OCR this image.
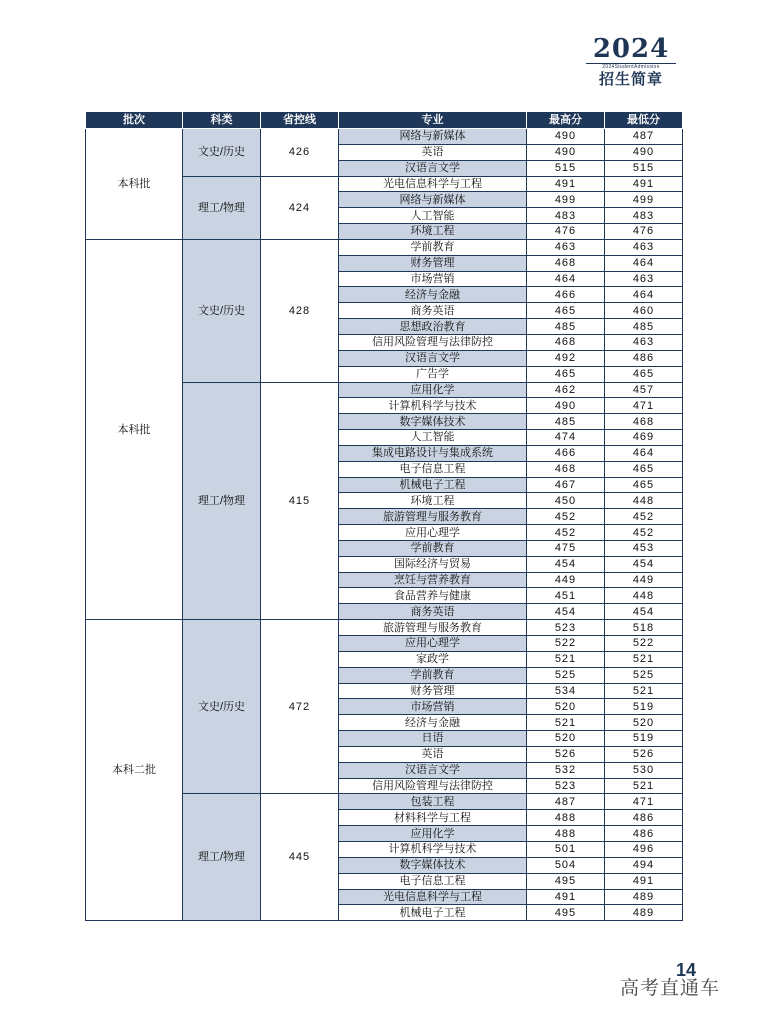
2024
2024StudentAdmission
招生简章
批次	科类	省控线	专业	最高分	最低分
本科批	文史/历史	426	网络与新媒体	490	487
			英语	490	490
			汉语言文学	515	515
	理工/物理	424	光电信息科学与工程	491	491
			网络与新媒体	499	499
			人工智能	483	483
			环境工程	476	476
本科批	文史/历史	428	学前教育	463	463
			财务管理	468	464
			市场营销	464	463
			经济与金融	466	464
			商务英语	465	460
			思想政治教育	485	485
			信用风险管理与法律防控	468	463
			汉语言文学	492	486
			广告学	465	465
	理工/物理	415	应用化学	462	457
			计算机科学与技术	490	471
			数字媒体技术	485	468
			人工智能	474	469
			集成电路设计与集成系统	466	464
			电子信息工程	468	465
			机械电子工程	467	465
			环境工程	450	448
			旅游管理与服务教育	452	452
			应用心理学	452	452
			学前教育	475	453
			国际经济与贸易	454	454
			烹饪与营养教育	449	449
			食品营养与健康	451	448
			商务英语	454	454
本科二批	文史/历史	472	旅游管理与服务教育	523	518
			应用心理学	522	522
			家政学	521	521
			学前教育	525	525
			财务管理	534	521
			市场营销	520	519
			经济与金融	521	520
			日语	520	519
			英语	526	526
			汉语言文学	532	530
			信用风险管理与法律防控	523	521
	理工/物理	445	包装工程	487	471
			材料科学与工程	488	486
			应用化学	488	486
			计算机科学与技术	501	496
			数字媒体技术	504	494
			电子信息工程	495	491
			光电信息科学与工程	491	489
			机械电子工程	495	489
14
高考直通车
